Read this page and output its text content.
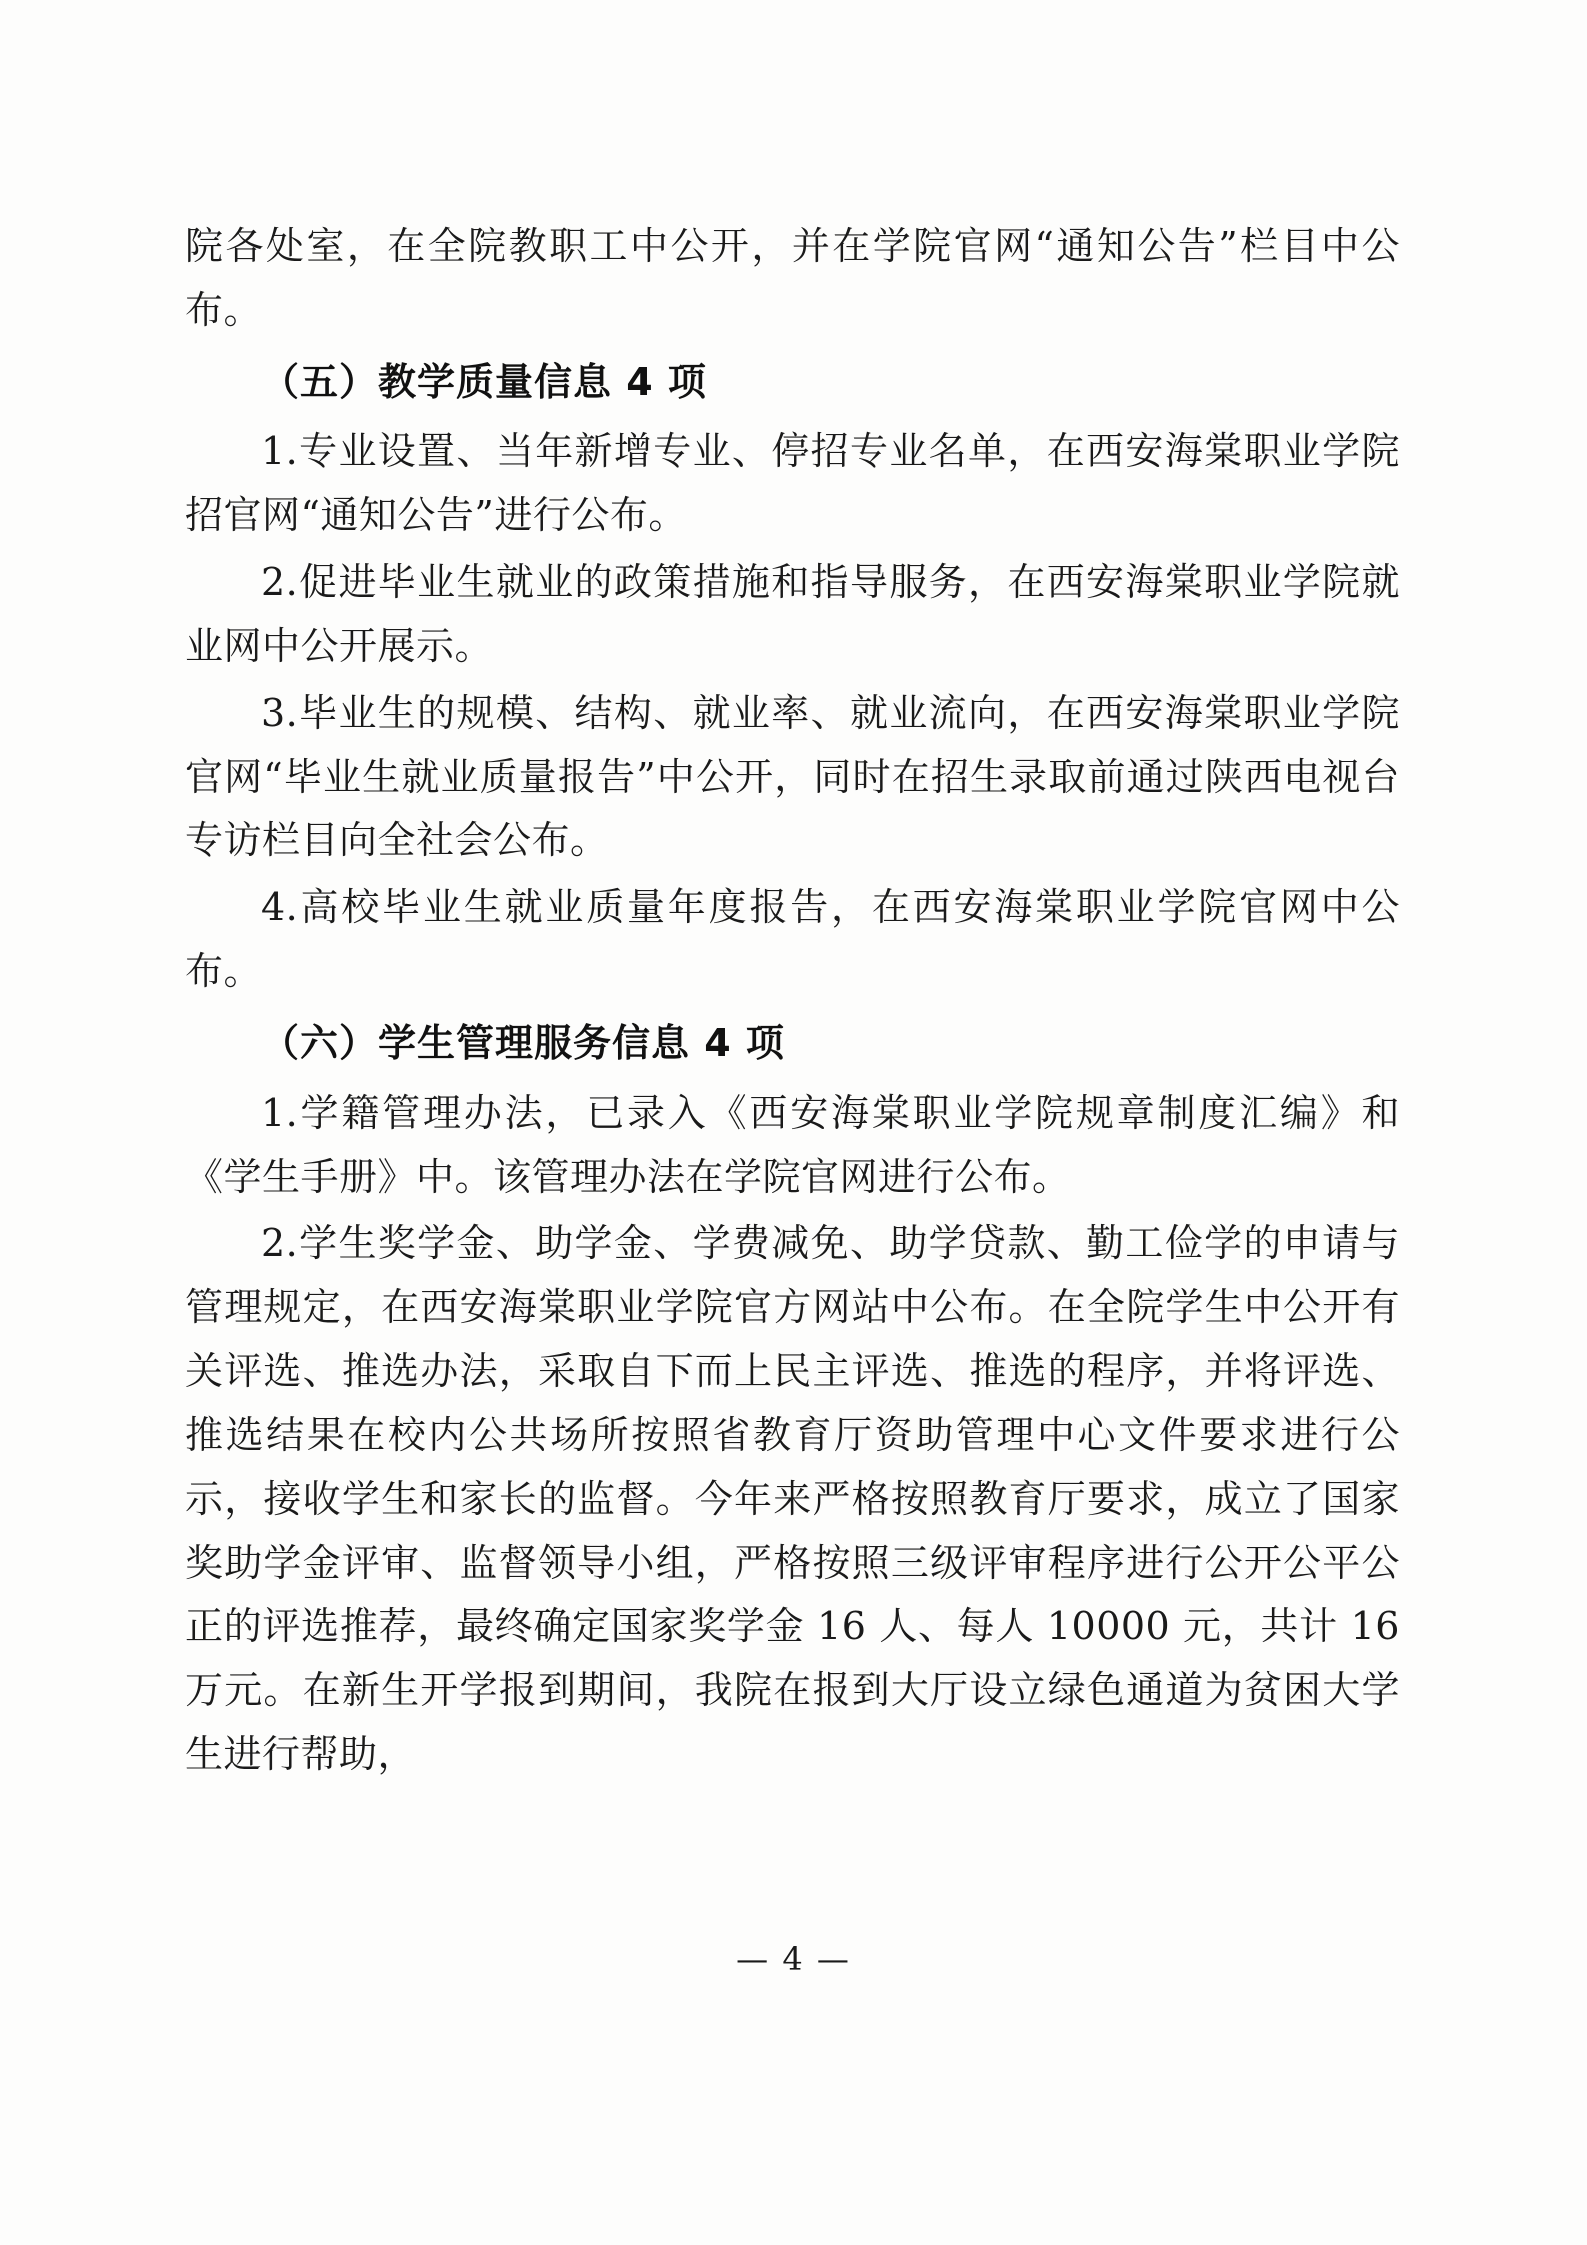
院各处室，在全院教职工中公开，并在学院官网“通知公告”栏目中公布。

（五）教学质量信息 4 项

1.专业设置、当年新增专业、停招专业名单，在西安海棠职业学院招官网“通知公告”进行公布。

2.促进毕业生就业的政策措施和指导服务，在西安海棠职业学院就业网中公开展示。

3.毕业生的规模、结构、就业率、就业流向，在西安海棠职业学院官网“毕业生就业质量报告”中公开，同时在招生录取前通过陕西电视台专访栏目向全社会公布。

4.高校毕业生就业质量年度报告，在西安海棠职业学院官网中公布。

（六）学生管理服务信息 4 项

1.学籍管理办法，已录入《西安海棠职业学院规章制度汇编》和《学生手册》中。该管理办法在学院官网进行公布。

2.学生奖学金、助学金、学费减免、助学贷款、勤工俭学的申请与管理规定，在西安海棠职业学院官方网站中公布。在全院学生中公开有关评选、推选办法，采取自下而上民主评选、推选的程序，并将评选、推选结果在校内公共场所按照省教育厅资助管理中心文件要求进行公示，接收学生和家长的监督。今年来严格按照教育厅要求，成立了国家奖助学金评审、监督领导小组，严格按照三级评审程序进行公开公平公正的评选推荐，最终确定国家奖学金 16 人、每人 10000 元，共计 16 万元。在新生开学报到期间，我院在报到大厅设立绿色通道为贫困大学生进行帮助，

— 4 —
